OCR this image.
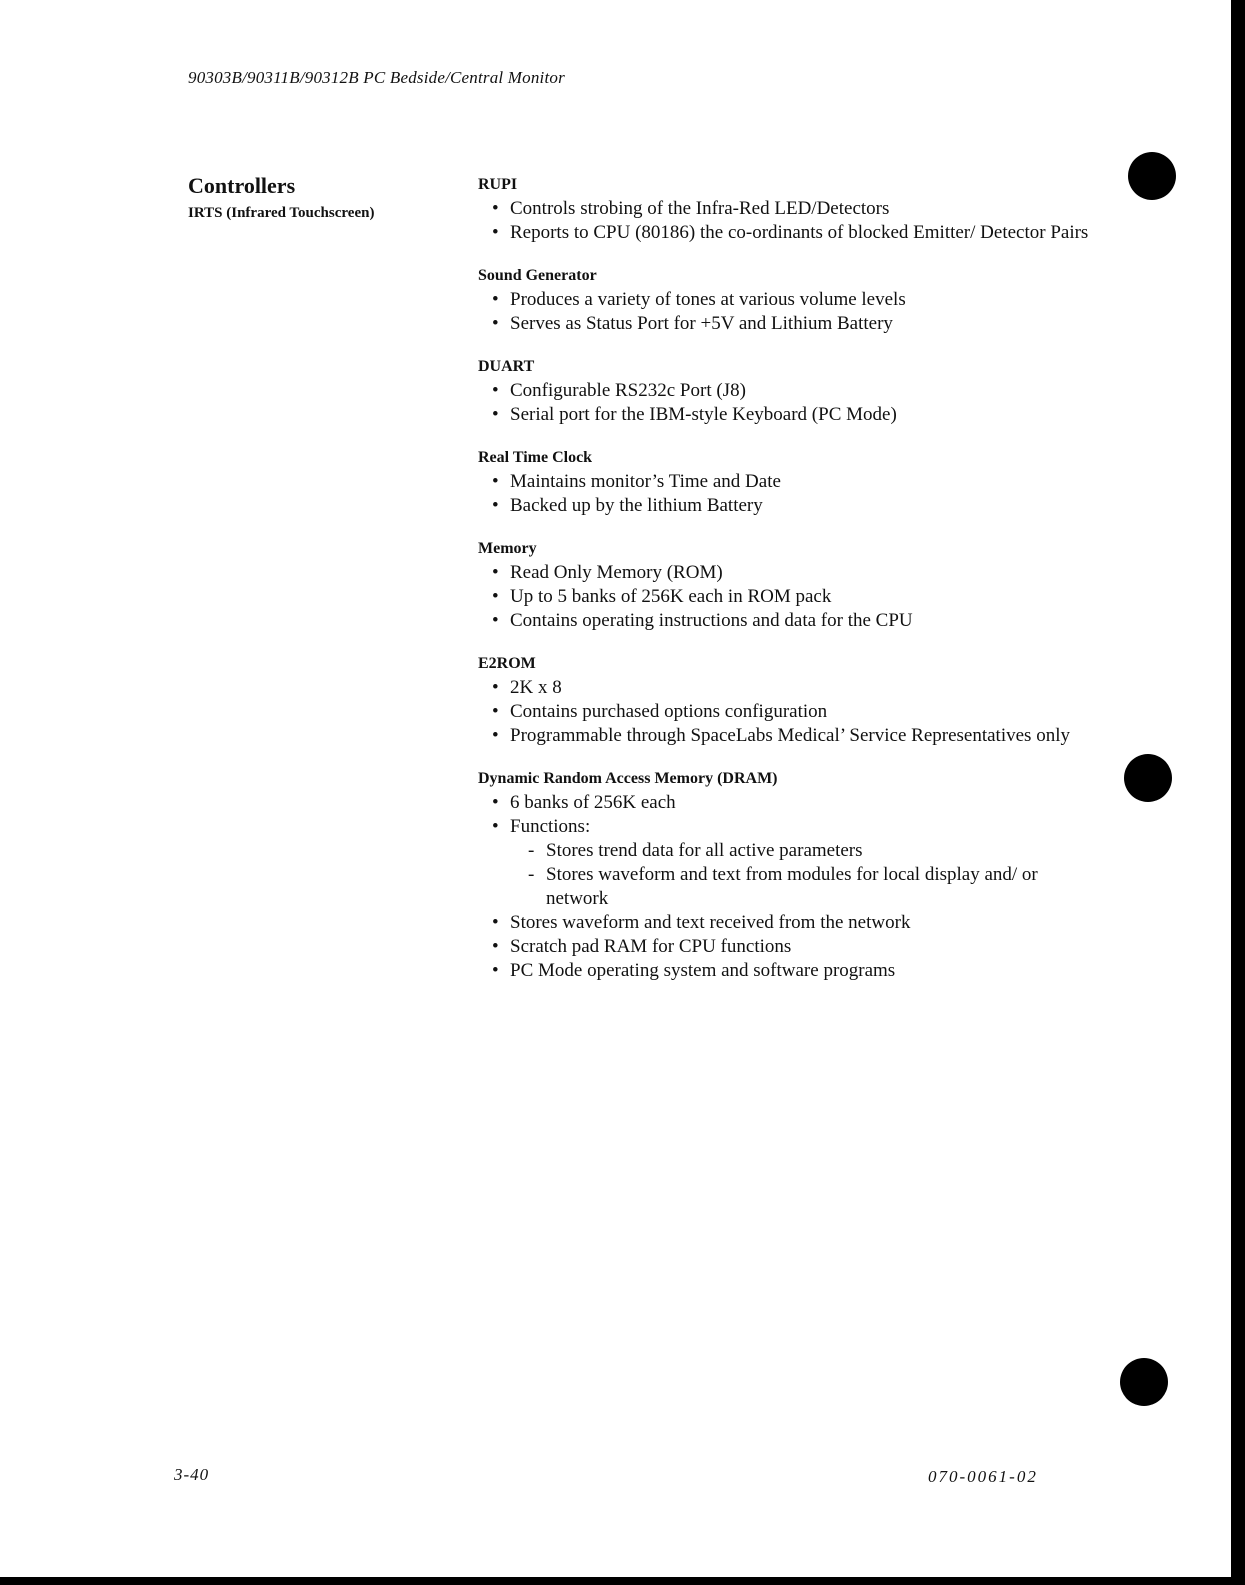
90303B/90311B/90312B PC Bedside/Central Monitor
Controllers
IRTS (Infrared Touchscreen)
RUPI
• Controls strobing of the Infra-Red LED/Detectors
• Reports to CPU (80186) the co-ordinants of blocked Emitter/ Detector Pairs
Sound Generator
• Produces a variety of tones at various volume levels
• Serves as Status Port for +5V and Lithium Battery
DUART
• Configurable RS232c Port (J8)
• Serial port for the IBM-style Keyboard (PC Mode)
Real Time Clock
• Maintains monitor’s Time and Date
• Backed up by the lithium Battery
Memory
• Read Only Memory (ROM)
• Up to 5 banks of 256K each in ROM pack
• Contains operating instructions and data for the CPU
E2ROM
• 2K x 8
• Contains purchased options configuration
• Programmable through SpaceLabs Medical’ Service Representatives only
Dynamic Random Access Memory (DRAM)
• 6 banks of 256K each
• Functions:
- Stores trend data for all active parameters
- Stores waveform and text from modules for local display and/ or network
• Stores waveform and text received from the network
• Scratch pad RAM for CPU functions
• PC Mode operating system and software programs
3-40	070-0061-02
